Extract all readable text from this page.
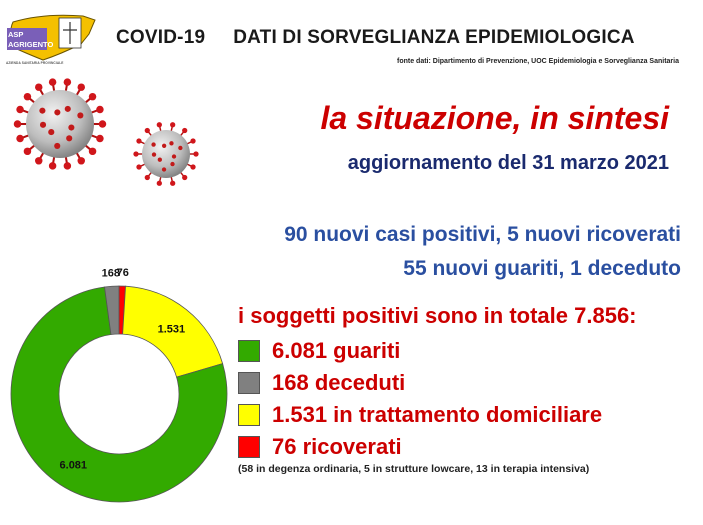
ASP
AGRIGENTO
AZIENDA SANITARIA PROVINCIALE
COVID-19 DATI DI SORVEGLIANZA EPIDEMIOLOGICA
fonte dati: Dipartimento di Prevenzione, UOC Epidemiologia e Sorveglianza Sanitaria
la situazione, in sintesi
aggiornamento del 31 marzo 2021
90 nuovi casi positivi, 5 nuovi ricoverati
55 nuovi guariti, 1 deceduto
6.081
168
1.531
76
i soggetti positivi sono in totale 7.856:
6.081 guariti
168 deceduti
1.531 in trattamento domiciliare
76 ricoverati
(58 in degenza ordinaria, 5 in strutture lowcare, 13 in terapia intensiva)
